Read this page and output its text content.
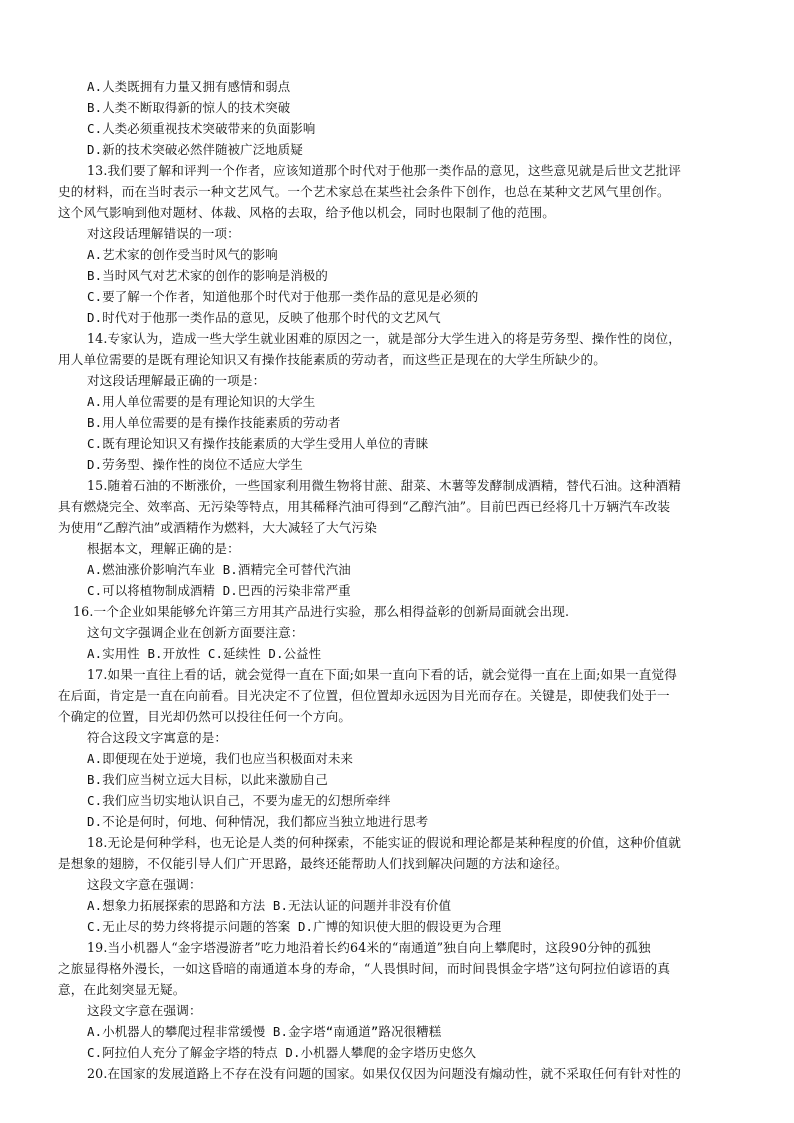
A.人类既拥有力量又拥有感情和弱点
B.人类不断取得新的惊人的技术突破
C.人类必须重视技术突破带来的负面影响
D.新的技术突破必然伴随被广泛地质疑
13.我们要了解和评判一个作者，应该知道那个时代对于他那一类作品的意见，这些意见就是后世文艺批评
史的材料，而在当时表示一种文艺风气。一个艺术家总在某些社会条件下创作，也总在某种文艺风气里创作。
这个风气影响到他对题材、体裁、风格的去取，给予他以机会，同时也限制了他的范围。
对这段话理解错误的一项：
A.艺术家的创作受当时风气的影响
B.当时风气对艺术家的创作的影响是消极的
C.要了解一个作者，知道他那个时代对于他那一类作品的意见是必须的
D.时代对于他那一类作品的意见，反映了他那个时代的文艺风气
14.专家认为，造成一些大学生就业困难的原因之一，就是部分大学生进入的将是劳务型、操作性的岗位，
用人单位需要的是既有理论知识又有操作技能素质的劳动者，而这些正是现在的大学生所缺少的。
对这段话理解最正确的一项是：
A.用人单位需要的是有理论知识的大学生
B.用人单位需要的是有操作技能素质的劳动者
C.既有理论知识又有操作技能素质的大学生受用人单位的青睐
D.劳务型、操作性的岗位不适应大学生
15.随着石油的不断涨价，一些国家利用微生物将甘蔗、甜菜、木薯等发酵制成酒精，替代石油。这种酒精
具有燃烧完全、效率高、无污染等特点，用其稀释汽油可得到“乙醇汽油”。目前巴西已经将几十万辆汽车改装
为使用“乙醇汽油”或酒精作为燃料，大大减轻了大气污染
根据本文，理解正确的是：
A.燃油涨价影响汽车业 B.酒精完全可替代汽油
C.可以将植物制成酒精 D.巴西的污染非常严重
16.一个企业如果能够允许第三方用其产品进行实验，那么相得益彰的创新局面就会出现.
这句文字强调企业在创新方面要注意：
A.实用性 B.开放性 C.延续性 D.公益性
17.如果一直往上看的话，就会觉得一直在下面;如果一直向下看的话，就会觉得一直在上面;如果一直觉得
在后面，肯定是一直在向前看。目光决定不了位置，但位置却永远因为目光而存在。关键是，即使我们处于一
个确定的位置，目光却仍然可以投往任何一个方向。
符合这段文字寓意的是：
A.即便现在处于逆境，我们也应当积极面对未来
B.我们应当树立远大目标，以此来激励自己
C.我们应当切实地认识自己，不要为虚无的幻想所牵绊
D.不论是何时，何地、何种情况，我们都应当独立地进行思考
18.无论是何种学科，也无论是人类的何种探索，不能实证的假说和理论都是某种程度的价值，这种价值就
是想象的翅膀，不仅能引导人们广开思路，最终还能帮助人们找到解决问题的方法和途径。
这段文字意在强调：
A.想象力拓展探索的思路和方法 B.无法认证的问题并非没有价值
C.无止尽的势力终将提示问题的答案 D.广博的知识使大胆的假设更为合理
19.当小机器人“金字塔漫游者”吃力地沿着长约64米的“南通道”独自向上攀爬时，这段90分钟的孤独
之旅显得格外漫长，一如这昏暗的南通道本身的寿命，“人畏惧时间，而时间畏惧金字塔”这句阿拉伯谚语的真
意，在此刻突显无疑。
这段文字意在强调：
A.小机器人的攀爬过程非常缓慢 B.金字塔“南通道”路况很糟糕
C.阿拉伯人充分了解金字塔的特点 D.小机器人攀爬的金字塔历史悠久
20.在国家的发展道路上不存在没有问题的国家。如果仅仅因为问题没有煽动性，就不采取任何有针对性的
